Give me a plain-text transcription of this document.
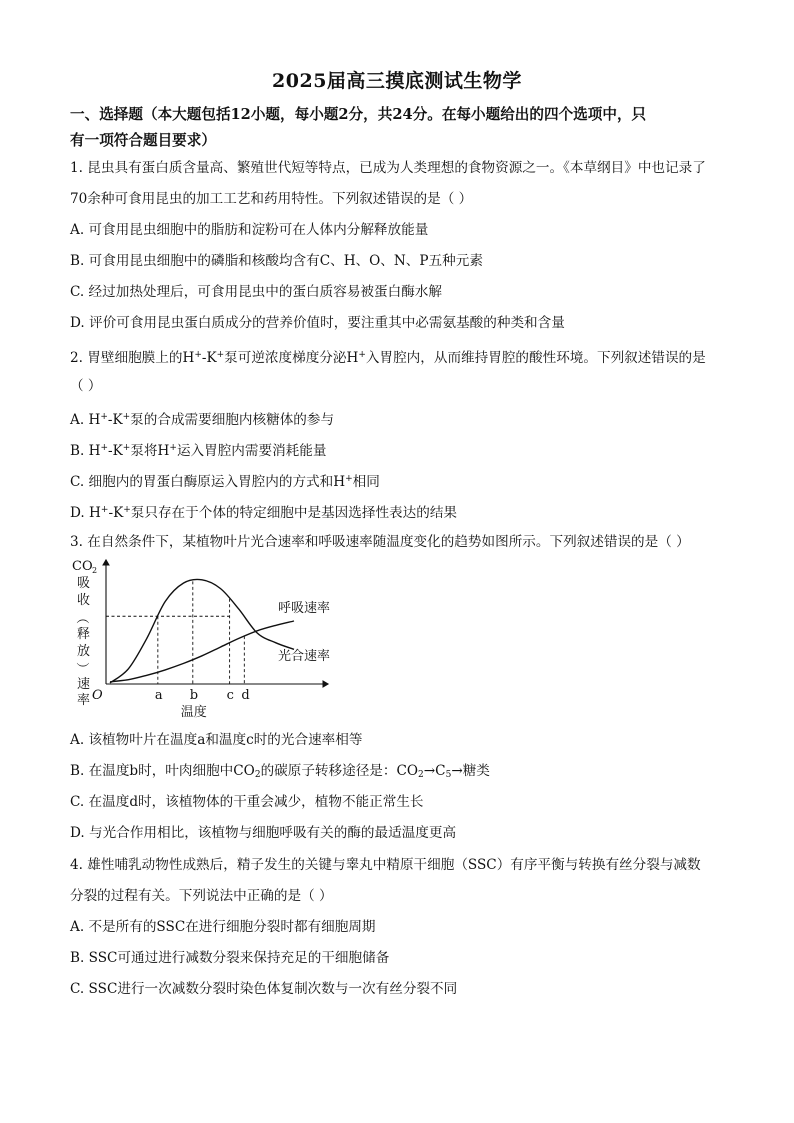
2025届高三摸底测试生物学
一、选择题（本大题包括12小题，每小题2分，共24分。在每小题给出的四个选项中，只
有一项符合题目要求）
1. 昆虫具有蛋白质含量高、繁殖世代短等特点，已成为人类理想的食物资源之一。《本草纲目》中也记录了
70余种可食用昆虫的加工工艺和药用特性。下列叙述错误的是（ ）
A. 可食用昆虫细胞中的脂肪和淀粉可在人体内分解释放能量
B. 可食用昆虫细胞中的磷脂和核酸均含有C、H、O、N、P五种元素
C. 经过加热处理后，可食用昆虫中的蛋白质容易被蛋白酶水解
D. 评价可食用昆虫蛋白质成分的营养价值时，要注重其中必需氨基酸的种类和含量
2. 胃壁细胞膜上的H+-K+泵可逆浓度梯度分泌H+入胃腔内，从而维持胃腔的酸性环境。下列叙述错误的是
（ ）
A. H+-K+泵的合成需要细胞内核糖体的参与
B. H+-K+泵将H+运入胃腔内需要消耗能量
C. 细胞内的胃蛋白酶原运入胃腔内的方式和H+相同
D. H+-K+泵只存在于个体的特定细胞中是基因选择性表达的结果
3. 在自然条件下，某植物叶片光合速率和呼吸速率随温度变化的趋势如图所示。下列叙述错误的是（ ）
CO
吸
收
（
释
放
）
速
率
2
a b c d
O
温度
呼吸速率
光合速率
A. 该植物叶片在温度a和温度c时的光合速率相等
B. 在温度b时，叶肉细胞中$CO_2$的碳原子转移途径是：$CO_2\to C_5\to$糖类
C. 在温度d时，该植物体的干重会减少，植物不能正常生长
D. 与光合作用相比，该植物与细胞呼吸有关的酶的最适温度更高
4. 雄性哺乳动物性成熟后，精子发生的关键与睾丸中精原干细胞（SSC）有序平衡与转换有丝分裂与减数
分裂的过程有关。下列说法中正确的是（ ）
A. 不是所有的SSC在进行细胞分裂时都有细胞周期
B. SSC可通过进行减数分裂来保持充足的干细胞储备
C. SSC进行一次减数分裂时染色体复制次数与一次有丝分裂不同
